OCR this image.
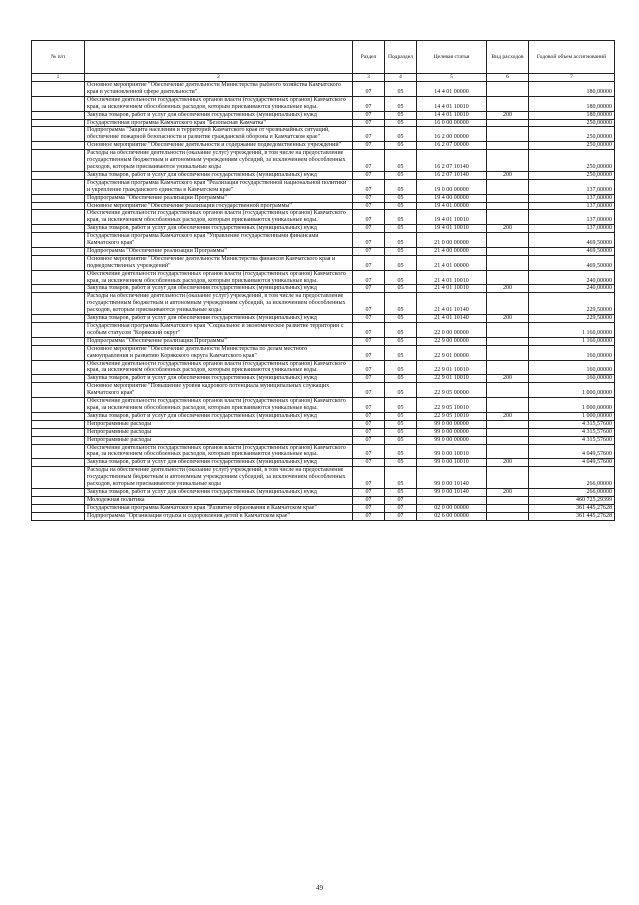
№ п/п		Раздел	Подраздел	Целевая статья	Вид расходов	Годовой объем ассигнований
1	2	3	4	5	6	7
	Основное мероприятие "Обеспечение деятельности Министерства рыбного хозяйства Камчатского края в установленной сфере деятельности"	07	05	14 4 01 00000		180,00000
	Обеспечение деятельности государственных органов власти (государственных органов) Камчатского края, за исключением обособленных расходов, которым присваиваются уникальные коды.	07	05	14 4 01 10010		180,00000
	Закупка товаров, работ и услуг для обеспечения государственных (муниципальных) нужд	07	05	14 4 01 10010	200	180,00000
	Государственная программа Камчатского края "Безопасная Камчатка"	07	05	16 0 00 00000		250,00000
	Подпрограмма "Защита населения и территорий Камчатского края от чрезвычайных ситуаций, обеспечение пожарной безопасности и развитие гражданской обороны в Камчатском крае"	07	05	16 2 00 00000		250,00000
	Основное мероприятие "Обеспечение деятельности и содержание подведомственных учреждений"	07	05	16 2 07 00000		250,00000
	Расходы на обеспечение деятельности (оказание услуг) учреждений, в том числе на предоставление государственным бюджетным и автономным учреждениям субсидий, за исключением обособленных расходов, которым присваиваются уникальные коды	07	05	16 2 07 10140		250,00000
	Закупка товаров, работ и услуг для обеспечения государственных (муниципальных) нужд	07	05	16 2 07 10140	200	250,00000
	Государственная программа Камчатского края "Реализация государственной национальной политики и укрепление гражданского единства в Камчатском крае"	07	05	19 0 00 00000		137,00000
	Подпрограмма "Обеспечение реализации Программы"	07	05	19 4 00 00000		137,00000
	Основное мероприятие "Обеспечение реализации государственной программы"	07	05	19 4 01 00000		137,00000
	Обеспечение деятельности государственных органов власти (государственных органов) Камчатского края, за исключением обособленных расходов, которым присваиваются уникальные коды.	07	05	19 4 01 10010		137,00000
	Закупка товаров, работ и услуг для обеспечения государственных (муниципальных) нужд	07	05	19 4 01 10010	200	137,00000
	Государственная программа Камчатского края "Управление государственными финансами Камчатского края"	07	05	21 0 00 00000		469,50000
	Подпрограмма "Обеспечение реализации Программы"	07	05	21 4 00 00000		469,50000
	Основное мероприятие "Обеспечение деятельности Министерства финансов Камчатского края и подведомственных учреждений"	07	05	21 4 01 00000		469,50000
	Обеспечение деятельности государственных органов власти (государственных органов) Камчатского края, за исключением обособленных расходов, которым присваиваются уникальные коды.	07	05	21 4 01 10010		240,00000
	Закупка товаров, работ и услуг для обеспечения государственных (муниципальных) нужд	07	05	21 4 01 10010	200	240,00000
	Расходы на обеспечение деятельности (оказание услуг) учреждений, в том числе на предоставление государственным бюджетным и автономным учреждениям субсидий, за исключением обособленных расходов, которым присваиваются уникальные коды	07	05	21 4 01 10140		229,50000
	Закупка товаров, работ и услуг для обеспечения государственных (муниципальных) нужд	07	05	21 4 01 10140	200	229,50000
	Государственная программа Камчатского края "Социальное и экономическое развитие территории с особым статусом "Корякский округ"	07	05	22 0 00 00000		1 160,00000
	Подпрограмма "Обеспечение реализации Программы"	07	05	22 9 00 00000		1 160,00000
	Основное мероприятие "Обеспечение деятельности Министерства по делам местного самоуправления и развитию Корякского округа Камчатского края"	07	05	22 9 01 00000		160,00000
	Обеспечение деятельности государственных органов власти (государственных органов) Камчатского края, за исключением обособленных расходов, которым присваиваются уникальные коды.	07	05	22 9 01 10010		160,00000
	Закупка товаров, работ и услуг для обеспечения государственных (муниципальных) нужд	07	05	22 9 01 10010	200	160,00000
	Основное мероприятие "Повышение уровня кадрового потенциала муниципальных служащих Камчатского края"	07	05	22 9 05 00000		1 000,00000
	Обеспечение деятельности государственных органов власти (государственных органов) Камчатского края, за исключением обособленных расходов, которым присваиваются уникальные коды.	07	05	22 9 05 10010		1 000,00000
	Закупка товаров, работ и услуг для обеспечения государственных (муниципальных) нужд	07	05	22 9 05 10010	200	1 000,00000
	Непрограммные расходы	07	05	99 0 00 00000		4 315,57600
	Непрограммные расходы	07	05	99 0 00 00000		4 315,57600
	Непрограммные расходы	07	05	99 0 00 00000		4 315,57600
	Обеспечение деятельности государственных органов власти (государственных органов) Камчатского края, за исключением обособленных расходов, которым присваиваются уникальные коды.	07	05	99 0 00 10010		4 049,57600
	Закупка товаров, работ и услуг для обеспечения государственных (муниципальных) нужд	07	05	99 0 00 10010	200	4 049,57600
	Расходы на обеспечение деятельности (оказание услуг) учреждений, в том числе на предоставление государственным бюджетным и автономным учреждениям субсидий, за исключением обособленных расходов, которым присваиваются уникальные коды	07	05	99 0 00 10140		266,00000
	Закупка товаров, работ и услуг для обеспечения государственных (муниципальных) нужд	07	05	99 0 00 10140	200	266,00000
	Молодежная политика	07	07			460 725,29399
	Государственная программа Камчатского края "Развитие образования в Камчатском крае"	07	07	02 0 00 00000		361 445,27628
	Подпрограмма "Организация отдыха и оздоровления детей в Камчатском крае"	07	07	02 6 00 00000		361 445,27628
49
